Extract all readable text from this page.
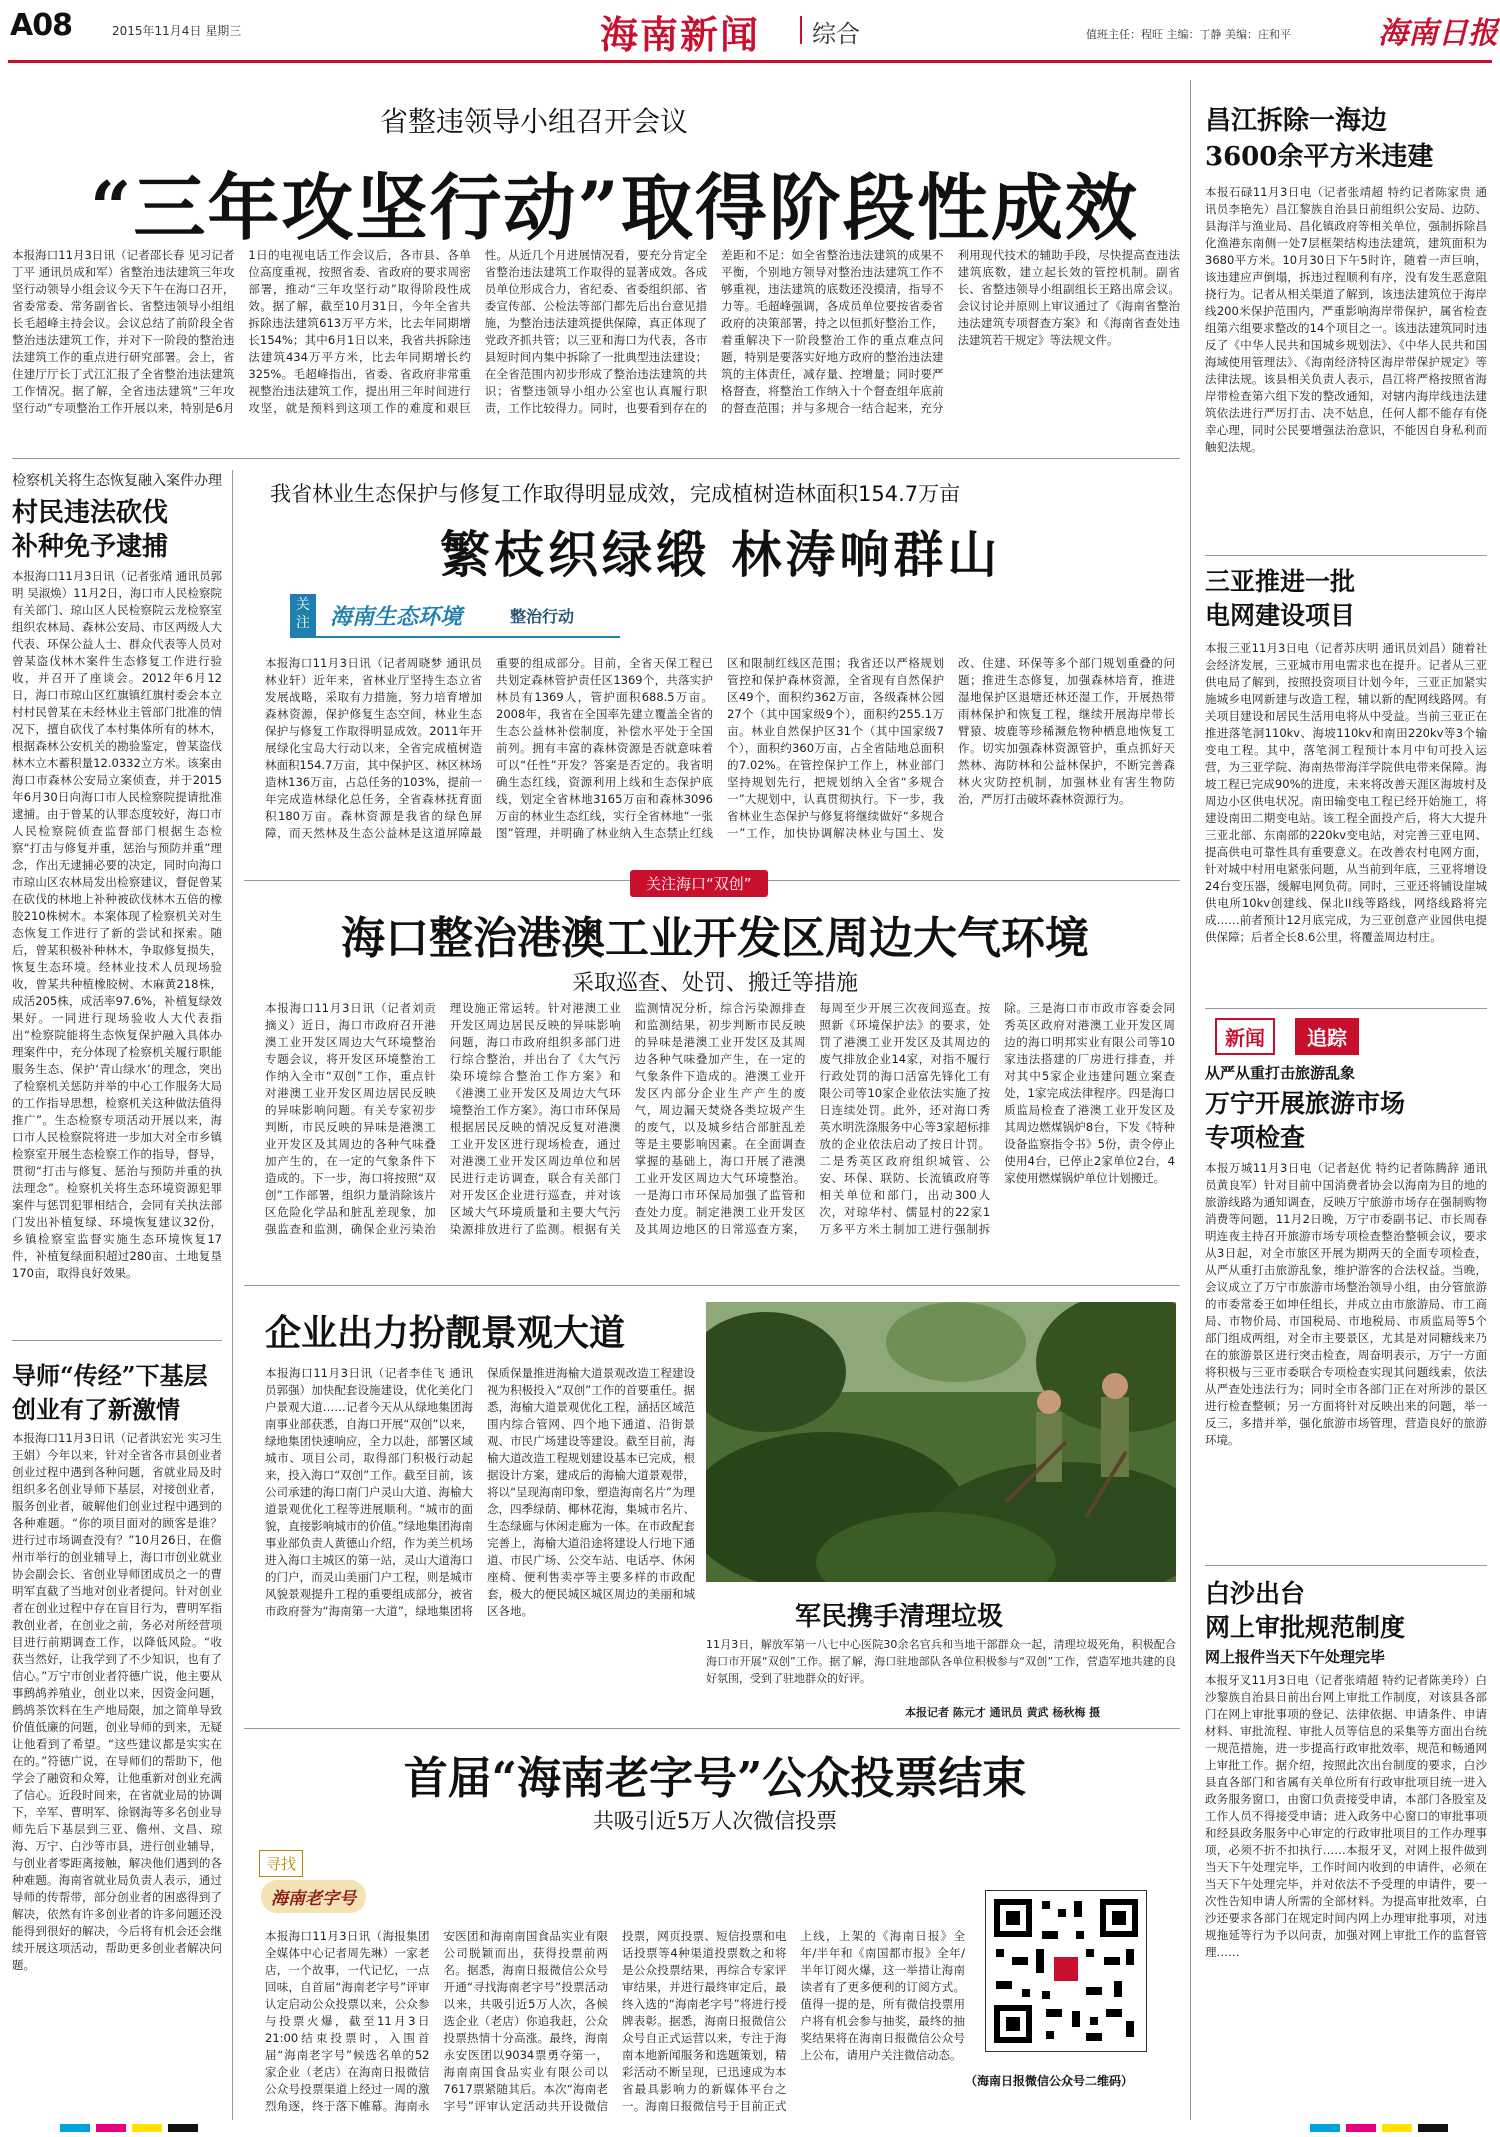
A08	2015年11月4日 星期三	海南新闻 综合	值班主任：程旺 主编：丁静 美编：庄和平	海南日报
省整违领导小组召开会议
“三年攻坚行动”取得阶段性成效

本报海口11月3日讯（记者邵长春 见习记者丁平 通讯员成和军）省整治违法建筑三年攻坚行动领导小组会议今天下午在海口召开，省委常委、常务副省长、省整违领导小组组长毛超峰主持会议。会议总结了前阶段全省整治违法建筑工作，并对下一阶段的整治违法建筑工作的重点进行研究部署。会上，省住建厅厅长丁式江汇报了全省整治违法建筑工作情况。据了解，全省违法建筑“三年攻坚行动”专项整治工作开展以来，特别是6月1日的电视电话工作会议后，各市县、各单位高度重视，按照省委、省政府的要求周密部署，推动“三年攻坚行动”取得阶段性成效。据了解，截至10月31日，今年全省共拆除违法建筑613万平方米，比去年同期增长154%；其中6月1日以来，我省共拆除违法建筑434万平方米，比去年同期增长约325%。毛超峰指出，省委、省政府非常重视整治违法建筑工作，提出用三年时间进行攻坚，就是预料到这项工作的难度和艰巨性。从近几个月进展情况看，要充分肯定全省整治违法建筑工作取得的显著成效。各成员单位形成合力，省纪委、省委组织部、省委宣传部、公检法等部门都先后出台意见措施，为整治违法建筑提供保障，真正体现了党政齐抓共管；以三亚和海口为代表，各市县短时间内集中拆除了一批典型违法建设；在全省范围内初步形成了整治违法建筑的共识；省整违领导小组办公室也认真履行职责，工作比较得力。同时，也要看到存在的差距和不足：如全省整治违法建筑的成果不平衡，个别地方领导对整治违法建筑工作不够重视，违法建筑的底数还没摸清，指导不力等。毛超峰强调，各成员单位要按省委省政府的决策部署，持之以恒抓好整治工作，着重解决下一阶段整治工作的重点难点问题，特别是要落实好地方政府的整治违法建筑的主体责任，减存量、控增量；同时要严格督查，将整治工作纳入十个督查组年底前的督查范围；并与多规合一结合起来，充分利用现代技术的辅助手段，尽快提高查违法建筑底数，建立起长效的管控机制。副省长、省整违领导小组副组长王路出席会议。会议讨论并原则上审议通过了《海南省整治违法建筑专项督查方案》和《海南省查处违法建筑若干规定》等法规文件。

检察机关将生态恢复融入案件办理
村民违法砍伐
补种免予逮捕

本报海口11月3日讯（记者张靖 通讯员郭明 吴淑焕）11月2日，海口市人民检察院有关部门、琼山区人民检察院云龙检察室组织农林局、森林公安局、市区两级人大代表、环保公益人士、群众代表等人员对曾某盗伐林木案件生态修复工作进行验收，并召开了座谈会。2012年6月12日，海口市琼山区红旗镇红旗村委会本立村村民曾某在未经林业主管部门批准的情况下，擅自砍伐了本村集体所有的林木，根据森林公安机关的勘验鉴定，曾某盗伐林木立木蓄积量12.0332立方米。该案由海口市森林公安局立案侦查，并于2015年6月30日向海口市人民检察院提请批准逮捕。由于曾某的认罪态度较好，海口市人民检察院侦查监督部门根据生态检察“打击与修复并重，惩治与预防并重”理念，作出无逮捕必要的决定，同时向海口市琼山区农林局发出检察建议，督促曾某在砍伐的林地上补种被砍伐林木五倍的橡胶210株树木。本案体现了检察机关对生态恢复工作进行了新的尝试和探索。随后，曾某积极补种林木，争取修复损失，恢复生态环境。经林业技术人员现场验收，曾某共种植橡胶树、木麻黄218株，成活205株，成活率97.6%，补植复绿效果好。一同进行现场验收人大代表指出“检察院能将生态恢复保护融入具体办理案件中，充分体现了检察机关履行职能服务生态、保护‘青山绿水’的理念，突出了检察机关惩防并举的中心工作服务大局的工作指导思想，检察机关这种做法值得推广”。生态检察专项活动开展以来，海口市人民检察院将进一步加大对全市乡镇检察室开展生态检察工作的指导，督导，贯彻“打击与修复、惩治与预防并重的执法理念”。检察机关将生态环境资源犯罪案件与惩罚犯罪相结合，会同有关执法部门发出补植复绿、环境恢复建议32份，乡镇检察室监督实施生态环境恢复17件，补植复绿面积超过280亩、土地复垦170亩，取得良好效果。

导师“传经”下基层
创业有了新激情

本报海口11月3日讯（记者洪宏光 实习生王娟）今年以来，针对全省各市县创业者创业过程中遇到各种问题，省就业局及时组织多名创业导师下基层，对接创业者，服务创业者，破解他们创业过程中遇到的各种难题。“你的项目面对的顾客是谁？进行过市场调查没有？”10月26日，在儋州市举行的创业辅导上，海口市创业就业协会副会长、省创业导师团成员之一的曹明军直截了当地对创业者提问。针对创业者在创业过程中存在盲目行为，曹明军指教创业者，在创业之前，务必对所经营项目进行前期调查工作，以降低风险。“收获当然好，让我学到了不少知识，也有了信心。”万宁市创业者符德广说，他主要从事鹧鸪养殖业，创业以来，因资金问题，鹧鸪茶饮料在生产地局限，加之简单导致价值低廉的问题，创业导师的到来，无疑让他看到了希望。“这些建议都是实实在在的。”符德广说，在导师们的帮助下，他学会了融资和众筹，让他重新对创业充满了信心。近段时间来，在省就业局的协调下，辛军、曹明军、徐钢海等多名创业导师先后下基层到三亚、儋州、文昌、琼海、万宁、白沙等市县，进行创业辅导，与创业者零距离接触，解决他们遇到的各种难题。海南省就业局负责人表示，通过导师的传帮带，部分创业者的困惑得到了解决，依然有许多创业者的许多问题还没能得到很好的解决，今后将有机会还会继续开展这项活动，帮助更多创业者解决问题。

我省林业生态保护与修复工作取得明显成效，完成植树造林面积154.7万亩
繁枝织绿缎 林涛响群山
关注 海南生态环境	整治行动

本报海口11月3日讯（记者周晓梦 通讯员林业轩）近年来，省林业厅坚持生态立省发展战略，采取有力措施，努力培育增加森林资源，保护修复生态空间，林业生态保护与修复工作取得明显成效。2011年开展绿化宝岛大行动以来，全省完成植树造林面积154.7万亩，其中保护区、林区林场造林136万亩，占总任务的103%，提前一年完成造林绿化总任务，全省森林抚育面积180万亩。森林资源是我省的绿色屏障，而天然林及生态公益林是这道屏障最重要的组成部分。目前，全省天保工程已共划定森林管护责任区1369个，共落实护林员有1369人，管护面积688.5万亩。2008年，我省在全国率先建立覆盖全省的生态公益林补偿制度，补偿水平处于全国前列。拥有丰富的森林资源是否就意味着可以“任性”开发？答案是否定的。我省明确生态红线，资源利用上线和生态保护底线，划定全省林地3165万亩和森林3096万亩的林业生态红线，实行全省林地“一张图”管理，并明确了林业纳入生态禁止红线区和限制红线区范围；我省还以严格规划管控和保护森林资源，全省现有自然保护区49个，面积约362万亩，各级森林公园27个（其中国家级9个），面积约255.1万亩。林业自然保护区31个（其中国家级7个），面积约360万亩，占全省陆地总面积的7.02%。在管控保护工作上，林业部门坚持规划先行，把规划纳入全省“多规合一”大规划中，认真贯彻执行。下一步，我省林业生态保护与修复将继续做好“多规合一”工作，加快协调解决林业与国土、发改、住建、环保等多个部门规划重叠的问题；推进生态修复，加强森林培育，推进湿地保护区退塘还林还湿工作，开展热带雨林保护和恢复工程，继续开展海岸带长臂猿、坡鹿等珍稀濒危物种栖息地恢复工作。切实加强森林资源管护，重点抓好天然林、海防林和公益林保护，不断完善森林火灾防控机制，加强林业有害生物防治，严厉打击破坏森林资源行为。

关注海口“双创”
海口整治港澳工业开发区周边大气环境
采取巡查、处罚、搬迁等措施

本报海口11月3日讯（记者刘贡 摘义）近日，海口市政府召开港澳工业开发区周边大气环境整治专题会议，将开发区环境整治工作纳入全市“双创”工作，重点针对港澳工业开发区周边居民反映的异味影响问题。有关专家初步判断，市民反映的异味是港澳工业开发区及其周边的各种气味叠加产生的，在一定的气象条件下造成的。下一步，海口将按照“双创”工作部署，组织力量消除该片区危险化学品和脏乱差现象，加强监查和监测，确保企业污染治理设施正常运转。针对港澳工业开发区周边居民反映的异味影响问题，海口市政府组织多部门进行综合整治，并出台了《大气污染环境综合整治工作方案》和《港澳工业开发区及周边大气环境整治工作方案》。海口市环保局根据居民反映的情况反复对港澳工业开发区进行现场检查，通过对港澳工业开发区周边单位和居民进行走访调查，联合有关部门对开发区企业进行巡查，并对该区域大气环境质量和主要大气污染源排放进行了监测。根据有关监测情况分析，综合污染源排查和监测结果，初步判断市民反映的异味是港澳工业开发区及其周边各种气味叠加产生，在一定的气象条件下造成的。港澳工业开发区内部分企业生产产生的废气，周边漏天焚烧各类垃圾产生的废气，以及城乡结合部脏乱差等是主要影响因素。在全面调查掌握的基础上，海口开展了港澳工业开发区周边大气环境整治。一是海口市环保局加强了监管和查处力度。制定港澳工业开发区及其周边地区的日常巡查方案，每周至少开展三次夜间巡查。按照新《环境保护法》的要求，处罚了港澳工业开发区及其周边的废气排放企业14家，对指不履行行政处罚的海口活富先锋化工有限公司等10家企业依法实施了按日连续处罚。此外，还对海口秀英水明洗涤服务中心等3家超标排放的企业依法启动了按日计罚。二是秀英区政府组织城管、公安、环保、联防、长流镇政府等相关单位和部门，出动300人次，对琼华村、儒显村的22家1万多平方米土制加工进行强制拆除。三是海口市市政市容委会同秀英区政府对港澳工业开发区周边的海口明邦实业有限公司等10家违法搭建的厂房进行排查，并对其中5家企业违建问题立案查处，1家完成法律程序。四是海口质监局检查了港澳工业开发区及其周边燃煤锅炉8台，下发《特种设备监察指令书》5份，责令停止使用4台，已停止2家单位2台，4家使用燃煤锅炉单位计划搬迁。

企业出力扮靓景观大道

本报海口11月3日讯（记者李佳飞 通讯员郭强）加快配套设施建设，优化美化门户景观大道……记者今天从从绿地集团海南事业部获悉，自海口开展“双创”以来，绿地集团快速响应，全力以赴，部署区域城市、项目公司，取得部门积极行动起来，投入海口“双创”工作。截至目前，该公司承建的海口南门户灵山大道、海榆大道景观优化工程等进展顺利。“城市的面貌，直接影响城市的价值。”绿地集团海南事业部负责人黄德山介绍，作为美兰机场进入海口主城区的第一站，灵山大道海口的门户，而灵山美丽门户工程，则是城市风貌景观提升工程的重要组成部分，被省市政府誉为“海南第一大道”，绿地集团将保质保量推进海榆大道景观改造工程建设视为积极投入“双创”工作的首要重任。据悉，海榆大道景观优化工程，涵括区域范围内综合管网、四个地下通道、沿街景观、市民广场建设等建设。截至目前，海榆大道改造工程规划建设基本已完成，根据设计方案，建成后的海榆大道景观带，将以“呈现海南印象，塑造海南名片”为理念，四季绿荫、椰林花海，集城市名片、生态绿廊与休闲走廊为一体。在市政配套完善上，海榆大道沿途将建设人行地下通道、市民广场、公交车站、电话亭、休闲座椅、便利售卖亭等主要多样的市政配套，极大的便民城区城区周边的美丽和城区各地。	军民携手清理垃圾

11月3日，解放军第一八七中心医院30余名官兵和当地干部群众一起，清理垃圾死角，积极配合海口市开展“双创”工作。据了解，海口驻地部队各单位积极参与“双创”工作，营造军地共建的良好氛围，受到了驻地群众的好评。

本报记者 陈元才 通讯员 黄武 杨秋梅 摄
首届“海南老字号”公众投票结束
共吸引近5万人次微信投票
寻找
海南老字号

本报海口11月3日讯（海报集团全媒体中心记者周先琳）一家老店，一个故事，一代记忆，一点回味，自首届“海南老字号”评审认定启动公众投票以来，公众参与投票火爆，截至11月3日21:00结束投票时，入围首届“海南老字号”候选名单的52家企业（老店）在海南日报微信公众号投票渠道上经过一周的激烈角逐，终于落下帷幕。海南永安医团和海南南国食品实业有限公司脱颖而出，获得投票前两名。据悉，海南日报微信公众号开通“寻找海南老字号”投票活动以来，共吸引近5万人次，各候选企业（老店）你追我赶，公众投票热情十分高涨。最终，海南永安医团以9034票勇夺第一，海南南国食品实业有限公司以7617票紧随其后。本次“海南老字号”评审认定活动共开设微信投票，网页投票、短信投票和电话投票等4种渠道投票数之和将是公众投票结果，再综合专家评审结果，并进行最终审定后，最终入选的“海南老字号”将进行授牌表彰。据悉，海南日报微信公众号自正式运营以来，专注于海南本地新闻服务和选题策划，精彩活动不断呈现，已迅速成为本省最具影响力的新媒体平台之一。海南日报微信号于目前正式上线，上架的《海南日报》全年/半年和《南国都市报》全年/半年订阅火爆，这一举措让海南读者有了更多便利的订阅方式。值得一提的是，所有微信投票用户将有机会参与抽奖，最终的抽奖结果将在海南日报微信公众号上公布，请用户关注微信动态。

（海南日报微信公众号二维码）
昌江拆除一海边
3600余平方米违建

本报石碌11月3日电（记者张靖超 特约记者陈家贵 通讯员李艳先）昌江黎族自治县日前组织公安局、边防、县海洋与渔业局、昌化镇政府等相关单位，强制拆除昌化渔港东南侧一处7层框架结构违法建筑，建筑面积为3680平方米。10月30日下午5时许，随着一声巨响，该违建应声倒塌，拆违过程顺利有序，没有发生恶意阻挠行为。记者从相关渠道了解到，该违法建筑位于海岸线200米保护范围内，严重影响海岸带保护，属省检查组第六组要求整改的14个项目之一。该违法建筑同时违反了《中华人民共和国城乡规划法》、《中华人民共和国海域使用管理法》、《海南经济特区海岸带保护规定》等法律法规。该县相关负责人表示，昌江将严格按照省海岸带检查第六组下发的整改通知，对辖内海岸线违法建筑依法进行严厉打击、决不姑息，任何人都不能存有侥幸心理，同时公民要增强法治意识，不能因自身私利而触犯法规。

三亚推进一批
电网建设项目

本报三亚11月3日电（记者苏庆明 通讯员刘昌）随着社会经济发展，三亚城市用电需求也在提升。记者从三亚供电局了解到，按照投资项目计划今年，三亚正加紧实施城乡电网新建与改造工程，辅以新的配网线路网。有关项目建设和居民生活用电将从中受益。当前三亚正在推进落笔洞110kv、海坡110kv和南田220kv等3个输变电工程。其中，落笔洞工程预计本月中旬可投入运营，为三亚学院、海南热带海洋学院供电带来保障。海坡工程已完成90%的进度，未来将改善天涯区海坡村及周边小区供电状况。南田输变电工程已经开始施工，将建设南田二期变电站。该工程全面投产后，将大大提升三亚北部、东南部的220kv变电站，对完善三亚电网、提高供电可靠性具有重要意义。在改善农村电网方面，针对城中村用电紧张问题，从当前到年底，三亚将增设24台变压器，缓解电网负荷。同时，三亚还将铺设崖城供电所10kv创建线、保北II线等路线，网络线路将完成……前者预计12月底完成，为三亚创意产业园供电提供保障；后者全长8.6公里，将覆盖周边村庄。

新闻	追踪
从严从重打击旅游乱象
万宁开展旅游市场
专项检查

本报万城11月3日电（记者赵优 特约记者陈腾辞 通讯员黄良军）针对目前中国消费者协会以海南为目的地的旅游线路为通知调查，反映万宁旅游市场存在强制购物消费等问题，11月2日晚，万宁市委副书记、市长周春明连夜主持召开旅游市场专项检查整治整顿会议，要求从3日起，对全市旅区开展为期两天的全面专项检查，从严从重打击旅游乱象，维护游客的合法权益。当晚，会议成立了万宁市旅游市场整治领导小组，由分管旅游的市委常委王如坤任组长，并成立由市旅游局、市工商局、市物价局、市国税局、市地税局、市质监局等5个部门组成两组，对全市主要景区，尤其是对同糖线来乃在的旅游景区进行突击检查，周奋明表示，万宁一方面将积极与三亚市委联合专项检查实现其问题线索，依法从严查处违法行为；同时全市各部门正在对所涉的景区进行检查整顿；另一方面将针对反映出来的问题，举一反三，多措并举，强化旅游市场管理，营造良好的旅游环境。

白沙出台
网上审批规范制度
网上报件当天下午处理完毕

本报牙叉11月3日电（记者张靖超 特约记者陈美玲）白沙黎族自治县日前出台网上审批工作制度，对该县各部门在网上审批事项的登记、法律依据、申请条件、申请材料、审批流程、审批人员等信息的采集等方面出台统一规范措施，进一步提高行政审批效率，规范和畅通网上审批工作。据介绍，按照此次出台制度的要求，白沙县直各部门和省属有关单位所有行政审批项目统一进入政务服务窗口，由窗口负责接受申请，本部门各股室及工作人员不得接受申请；进入政务中心窗口的审批事项和经县政务服务中心审定的行政审批项目的工作办理事项，必须不折不扣执行……本报牙叉，对网上报件做到当天下午处理完毕，工作时间内收到的申请件，必须在当天下午处理完毕，并对依法不予受理的申请件，要一次性告知申请人所需的全部材料。为提高审批效率，白沙还要求各部门在规定时间内网上办理审批事项，对违规拖延等行为予以问责，加强对网上审批工作的监督管理……
